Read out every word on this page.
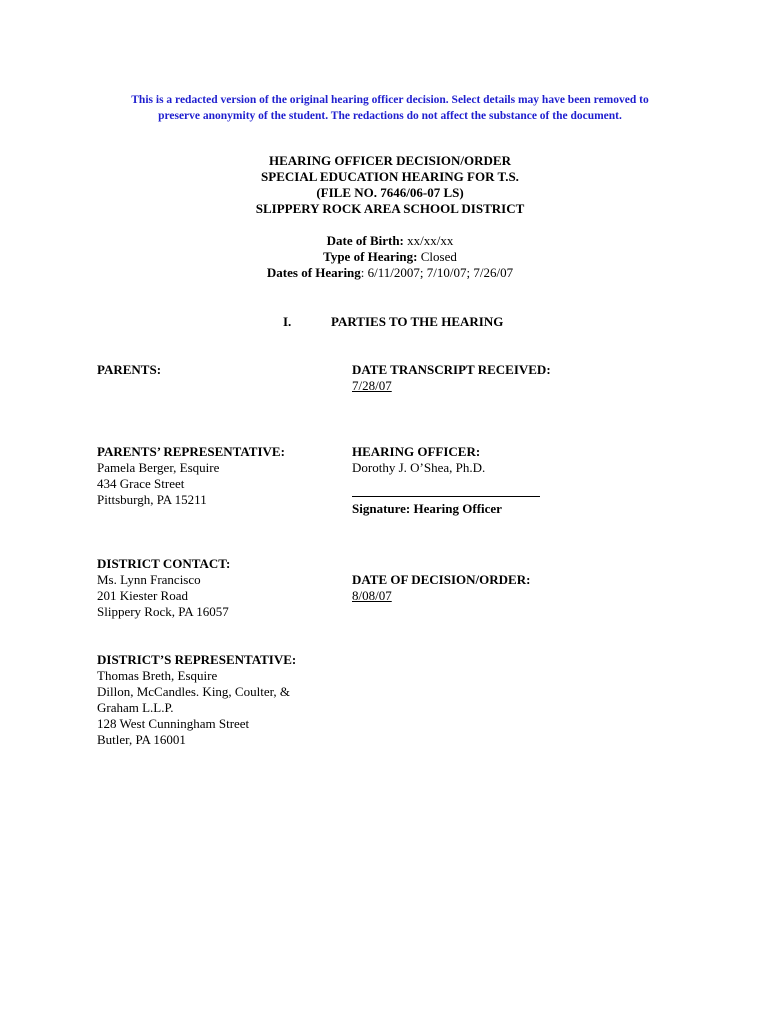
This is a redacted version of the original hearing officer decision. Select details may have been removed to
preserve anonymity of the student. The redactions do not affect the substance of the document.
HEARING OFFICER DECISION/ORDER
SPECIAL EDUCATION HEARING FOR T.S.
(FILE NO. 7646/06-07 LS)
SLIPPERY ROCK AREA SCHOOL DISTRICT
Date of Birth: xx/xx/xx
Type of Hearing: Closed
Dates of Hearing: 6/11/2007; 7/10/07; 7/26/07
I.	PARTIES TO THE HEARING
PARENTS:	DATE TRANSCRIPT RECEIVED:
7/28/07
PARENTS’ REPRESENTATIVE:
Pamela Berger, Esquire
434 Grace Street
Pittsburgh, PA 15211
HEARING OFFICER:
Dorothy J. O’Shea, Ph.D.
Signature: Hearing Officer
DISTRICT CONTACT:
Ms. Lynn Francisco
201 Kiester Road
Slippery Rock, PA 16057
DATE OF DECISION/ORDER:
8/08/07
DISTRICT’S REPRESENTATIVE:
Thomas Breth, Esquire
Dillon, McCandles. King, Coulter, &
Graham L.L.P.
128 West Cunningham Street
Butler, PA 16001
